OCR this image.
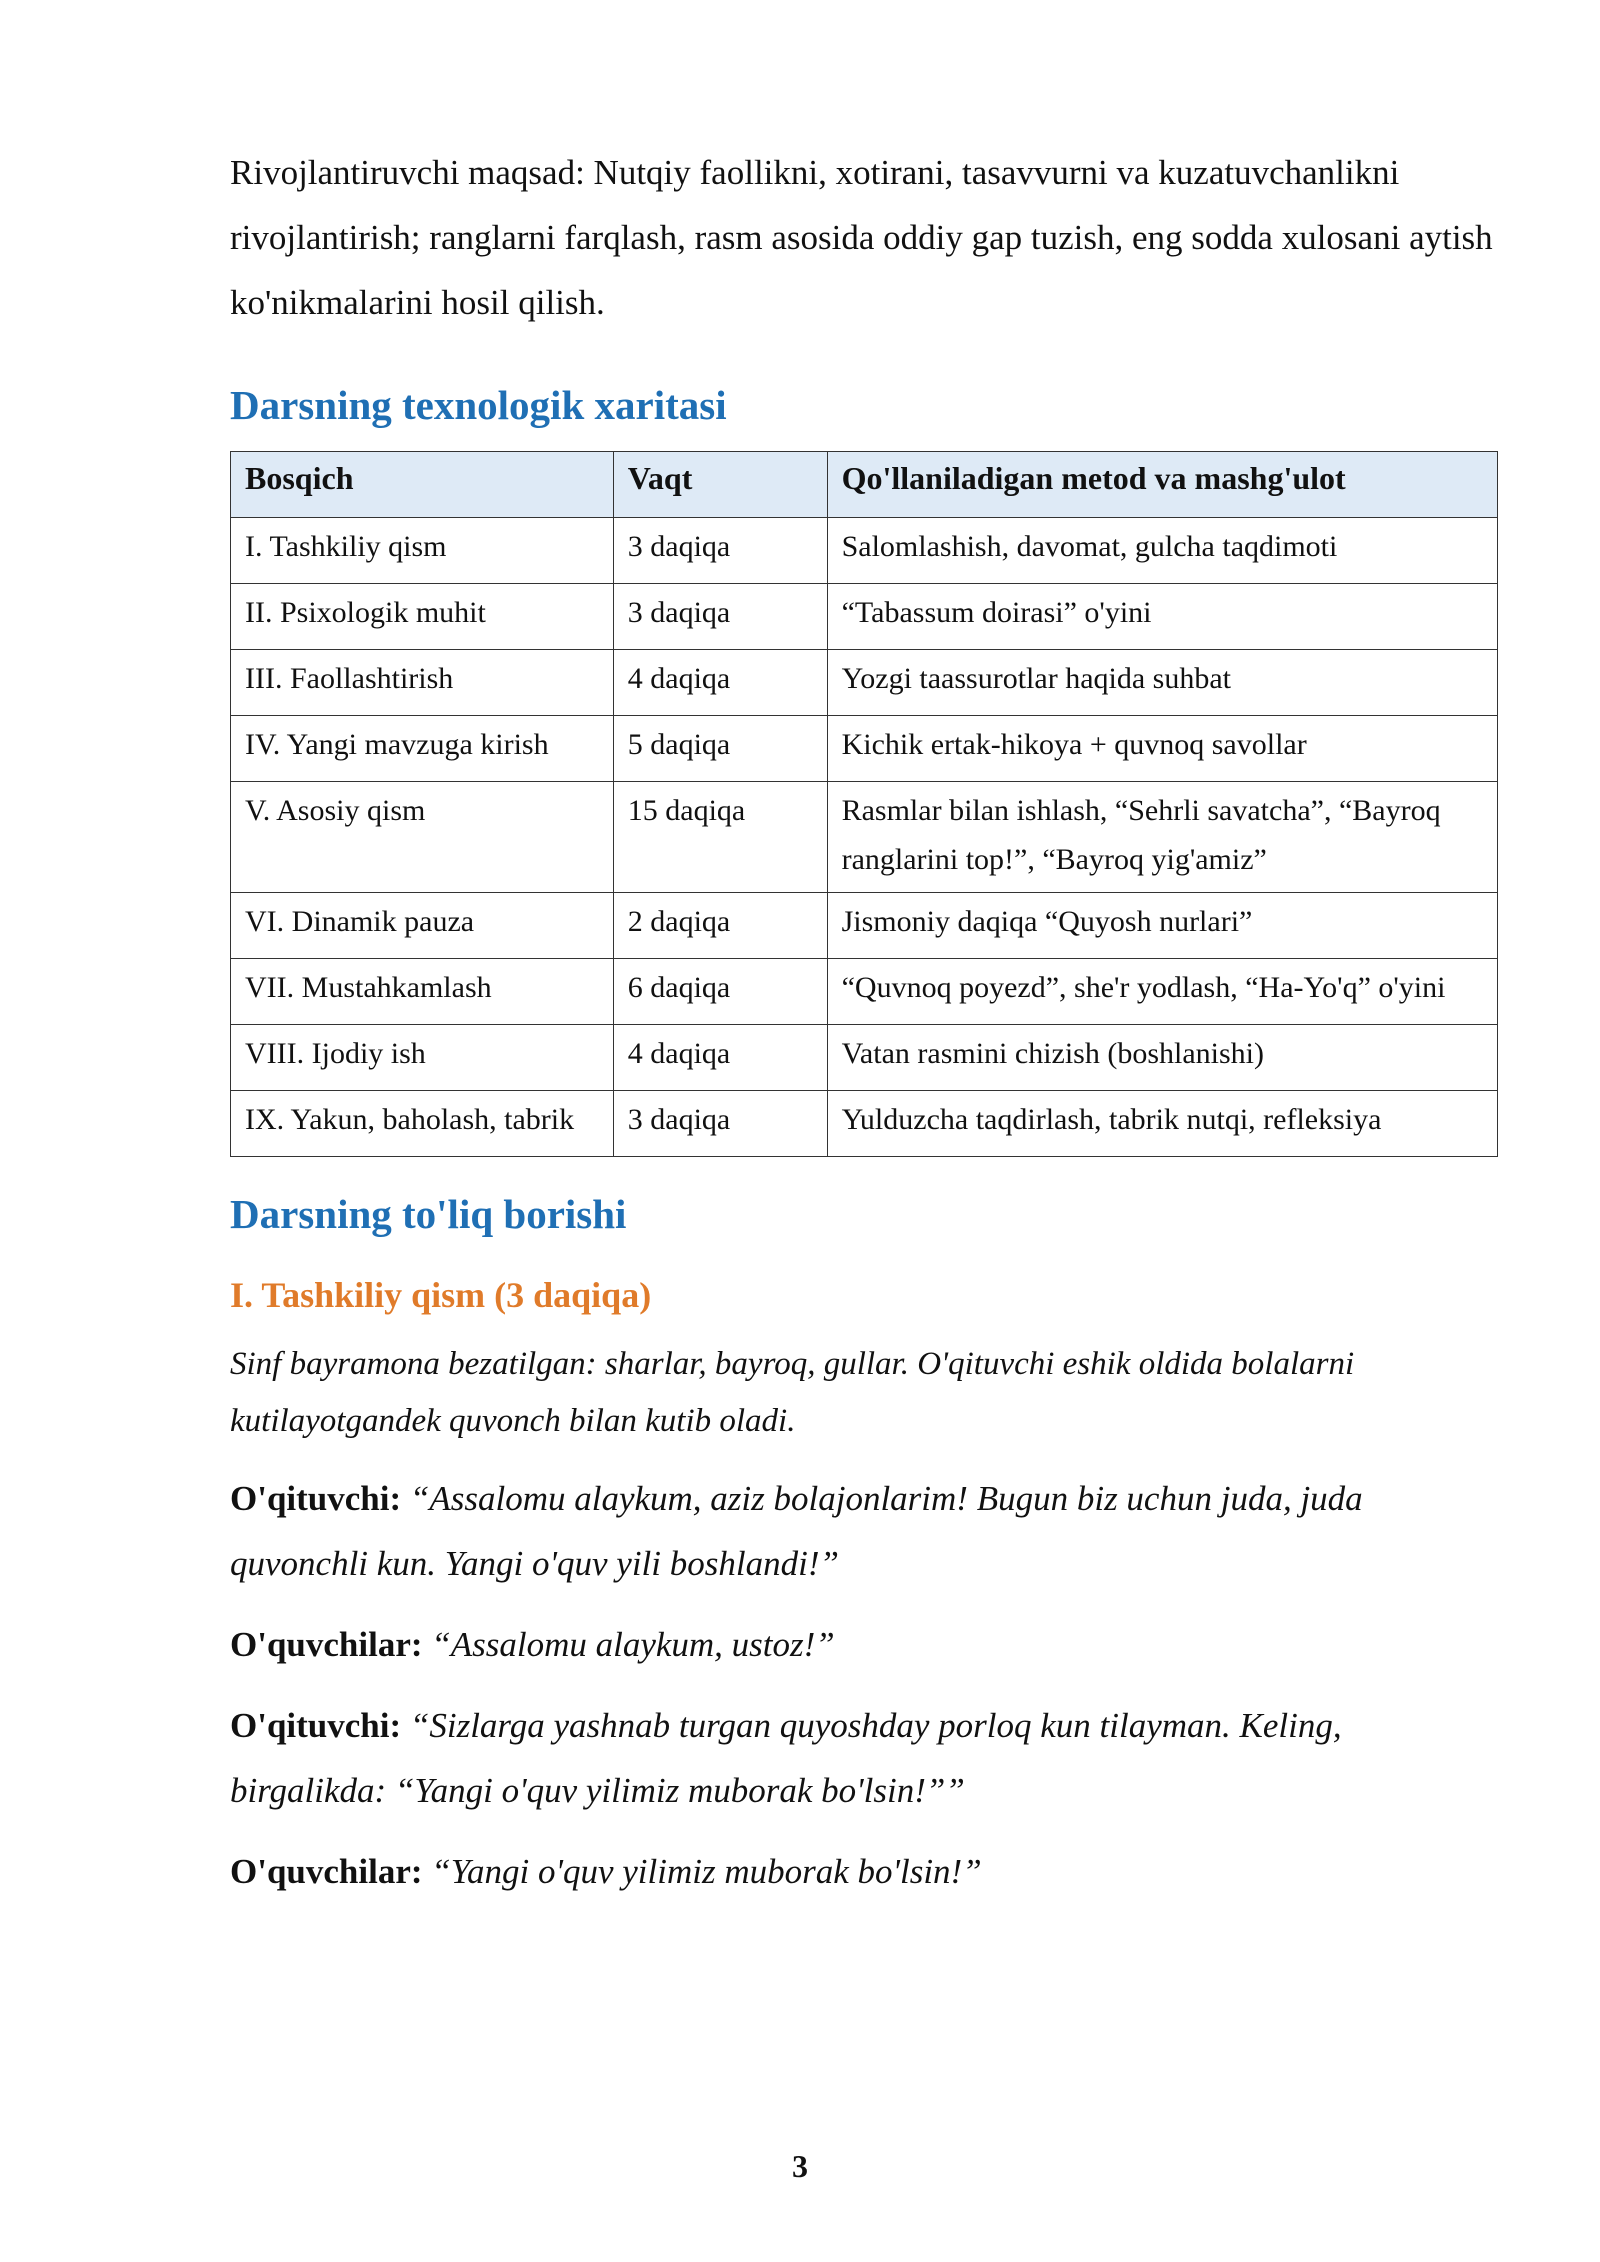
Rivojlantiruvchi maqsad: Nutqiy faollikni, xotirani, tasavvurni va kuzatuvchanlikni rivojlantirish; ranglarni farqlash, rasm asosida oddiy gap tuzish, eng sodda xulosani aytish ko'nikmalarini hosil qilish.

Darsning texnologik xaritasi
Bosqich	Vaqt	Qo'llaniladigan metod va mashg'ulot
I. Tashkiliy qism	3 daqiqa	Salomlashish, davomat, gulcha taqdimoti
II. Psixologik muhit	3 daqiqa	“Tabassum doirasi” o'yini
III. Faollashtirish	4 daqiqa	Yozgi taassurotlar haqida suhbat
IV. Yangi mavzuga kirish	5 daqiqa	Kichik ertak-hikoya + quvnoq savollar
V. Asosiy qism	15 daqiqa	Rasmlar bilan ishlash, “Sehrli savatcha”, “Bayroq ranglarini top!”, “Bayroq yig'amiz”
VI. Dinamik pauza	2 daqiqa	Jismoniy daqiqa “Quyosh nurlari”
VII. Mustahkamlash	6 daqiqa	“Quvnoq poyezd”, she'r yodlash, “Ha-Yo'q” o'yini
VIII. Ijodiy ish	4 daqiqa	Vatan rasmini chizish (boshlanishi)
IX. Yakun, baholash, tabrik	3 daqiqa	Yulduzcha taqdirlash, tabrik nutqi, refleksiya
Darsning to'liq borishi
I. Tashkiliy qism (3 daqiqa)

Sinf bayramona bezatilgan: sharlar, bayroq, gullar. O'qituvchi eshik oldida bolalarni kutilayotgandek quvonch bilan kutib oladi.

O'qituvchi: “Assalomu alaykum, aziz bolajonlarim! Bugun biz uchun juda, juda quvonchli kun. Yangi o'quv yili boshlandi!”

O'quvchilar: “Assalomu alaykum, ustoz!”

O'qituvchi: “Sizlarga yashnab turgan quyoshday porloq kun tilayman. Keling, birgalikda: “Yangi o'quv yilimiz muborak bo'lsin!””

O'quvchilar: “Yangi o'quv yilimiz muborak bo'lsin!”

3
